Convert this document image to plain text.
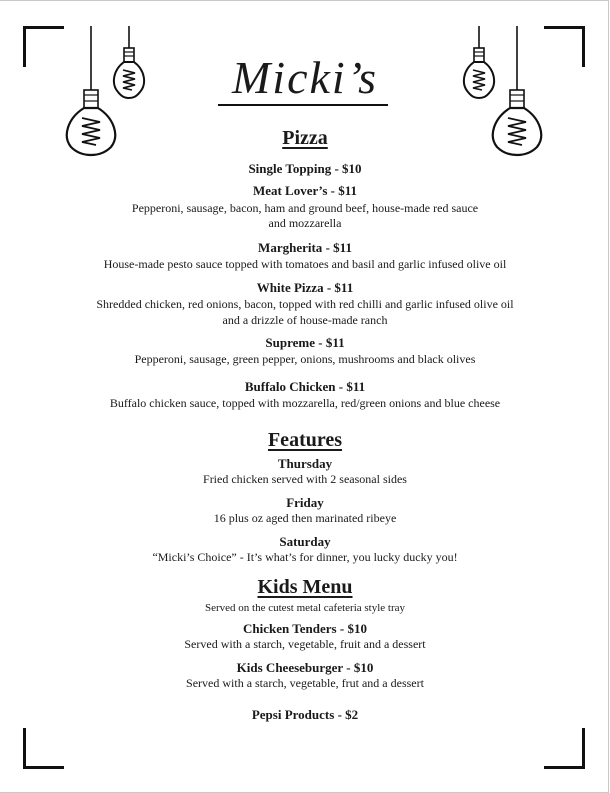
Micki’s
Pizza
Single Topping - $10
Meat Lover’s - $11
Pepperoni, sausage, bacon, ham and ground beef, house-made red sauce
and mozzarella
Margherita - $11
House-made pesto sauce topped with tomatoes and basil and garlic infused olive oil
White Pizza - $11
Shredded chicken, red onions, bacon, topped with red chilli and garlic infused olive oil
and a drizzle of house-made ranch
Supreme - $11
Pepperoni, sausage, green pepper, onions, mushrooms and black olives
Buffalo Chicken - $11
Buffalo chicken sauce, topped with mozzarella, red/green onions and blue cheese
Features
Thursday
Fried chicken served with 2 seasonal sides
Friday
16 plus oz aged then marinated ribeye
Saturday
“Micki’s Choice” - It’s what’s for dinner, you lucky ducky you!
Kids Menu
Served on the cutest metal cafeteria style tray
Chicken Tenders - $10
Served with a starch, vegetable, fruit and a dessert
Kids Cheeseburger - $10
Served with a starch, vegetable, frut and a dessert
Pepsi Products - $2
